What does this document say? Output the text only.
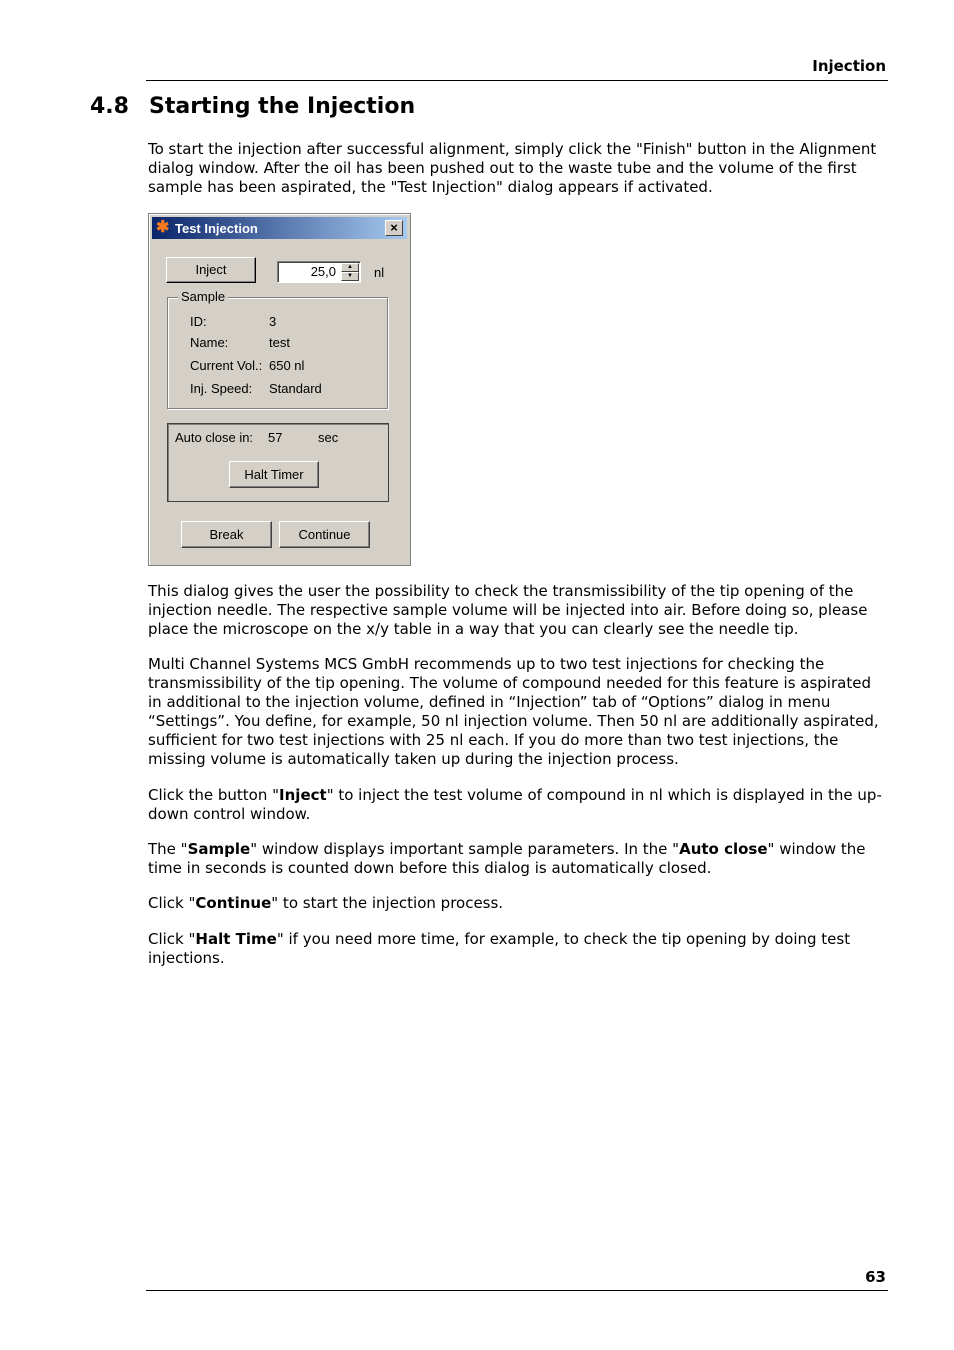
Injection
4.8 Starting the Injection

To start the injection after successful alignment, simply click the "Finish" button in the Alignment dialog window. After the oil has been pushed out to the waste tube and the volume of the first sample has been aspirated, the "Test Injection" dialog appears if activated.

✱ Test Injection	×
Inject	25,0	▲
▼	nl
Sample
ID:	3
Name:	test
Current Vol.: 650 nl
Inj. Speed: Standard
Auto close in: 57	sec
Halt Timer
Break	Continue

This dialog gives the user the possibility to check the transmissibility of the tip opening of the injection needle. The respective sample volume will be injected into air. Before doing so, please place the microscope on the x/y table in a way that you can clearly see the needle tip.

Multi Channel Systems MCS GmbH recommends up to two test injections for checking the transmissibility of the tip opening. The volume of compound needed for this feature is aspirated in additional to the injection volume, defined in “Injection” tab of “Options” dialog in menu “Settings”. You define, for example, 50 nl injection volume. Then 50 nl are additionally aspirated, sufficient for two test injections with 25 nl each. If you do more than two test injections, the missing volume is automatically taken up during the injection process.

Click the button "Inject" to inject the test volume of compound in nl which is displayed in the up-down control window.

The "Sample" window displays important sample parameters. In the "Auto close" window the time in seconds is counted down before this dialog is automatically closed.

Click "Continue" to start the injection process.

Click "Halt Time" if you need more time, for example, to check the tip opening by doing test injections.

63
